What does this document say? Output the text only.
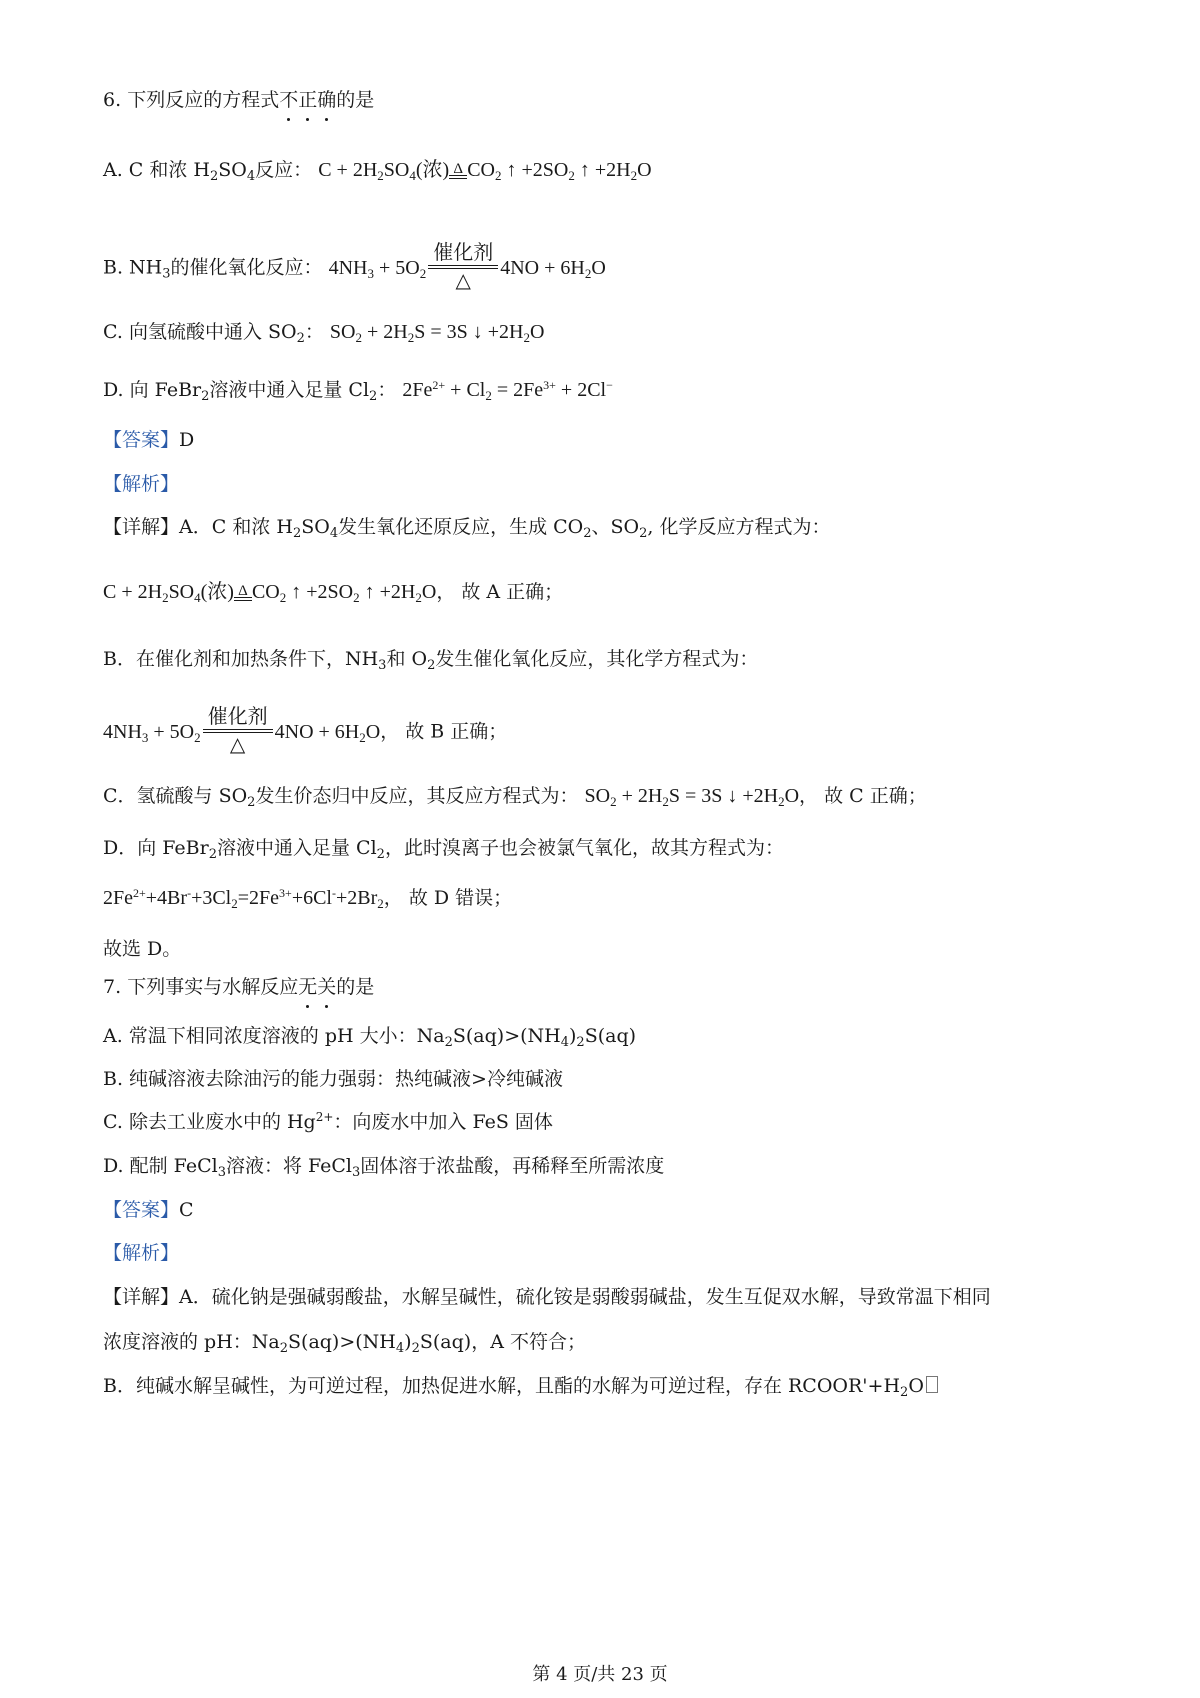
6. 下列反应的方程式不正确的是
A. C 和浓 $H_2SO_4$反应： $C + 2H_2SO_4$(浓) Δ $CO_2$ ↑ $+2SO_2$ ↑ $+2H_2O$
B. $NH_3$的催化氧化反应： $4NH_3 + 5O_2$
催化剂
△
$4NO + 6H_2O$
C. 向氢硫酸中通入 $SO_2$： $SO_2 + 2H_2S = 3S$ ↓ $+2H_2O$
D. 向 FeBr$_2$溶液中通入足量 $Cl_2$： $2Fe^{2+} + Cl_2 = 2Fe^{3+} + 2Cl^-$
【答案】D
【解析】
【详解】A．C 和浓 $H_2SO_4$发生氧化还原反应，生成 $CO_2$、$SO_2$, 化学反应方程式为：
$C + 2H_2SO_4$(浓) Δ $CO_2$ ↑ $+2SO_2$ ↑ $+2H_2O$， 故 A 正确；
B．在催化剂和加热条件下，$NH_3$和 $O_2$发生催化氧化反应，其化学方程式为：
$4NH_3 + 5O_2$
催化剂
△
$4NO + 6H_2O$， 故 B 正确；
C．氢硫酸与 $SO_2$发生价态归中反应，其反应方程式为： $SO_2 + 2H_2S = 3S$ ↓ $+2H_2O$， 故 C 正确；
D．向 FeBr$_2$溶液中通入足量 $Cl_2$，此时溴离子也会被氯气氧化，故其方程式为：
$2Fe^{2+}+4Br^-+3Cl_2=2Fe^{3+}+6Cl^-+2Br_2$， 故 D 错误；
故选 D。
7. 下列事实与水解反应无关的是
A. 常温下相同浓度溶液的 pH 大小：$Na_2S(aq)>(NH_4)_2S(aq)$
B. 纯碱溶液去除油污的能力强弱：热纯碱液>冷纯碱液
C. 除去工业废水中的 $Hg^{2+}$：向废水中加入 FeS 固体
D. 配制 FeCl$_3$溶液：将 FeCl$_3$固体溶于浓盐酸，再稀释至所需浓度
【答案】C
【解析】
【详解】A．硫化钠是强碱弱酸盐，水解呈碱性，硫化铵是弱酸弱碱盐，发生互促双水解，导致常温下相同
浓度溶液的 pH：$Na_2S(aq)>(NH_4)_2S(aq)$，A 不符合；
B．纯碱水解呈碱性，为可逆过程，加热促进水解，且酯的水解为可逆过程，存在 $RCOOR'+H_2O$
第 4 页/共 23 页
